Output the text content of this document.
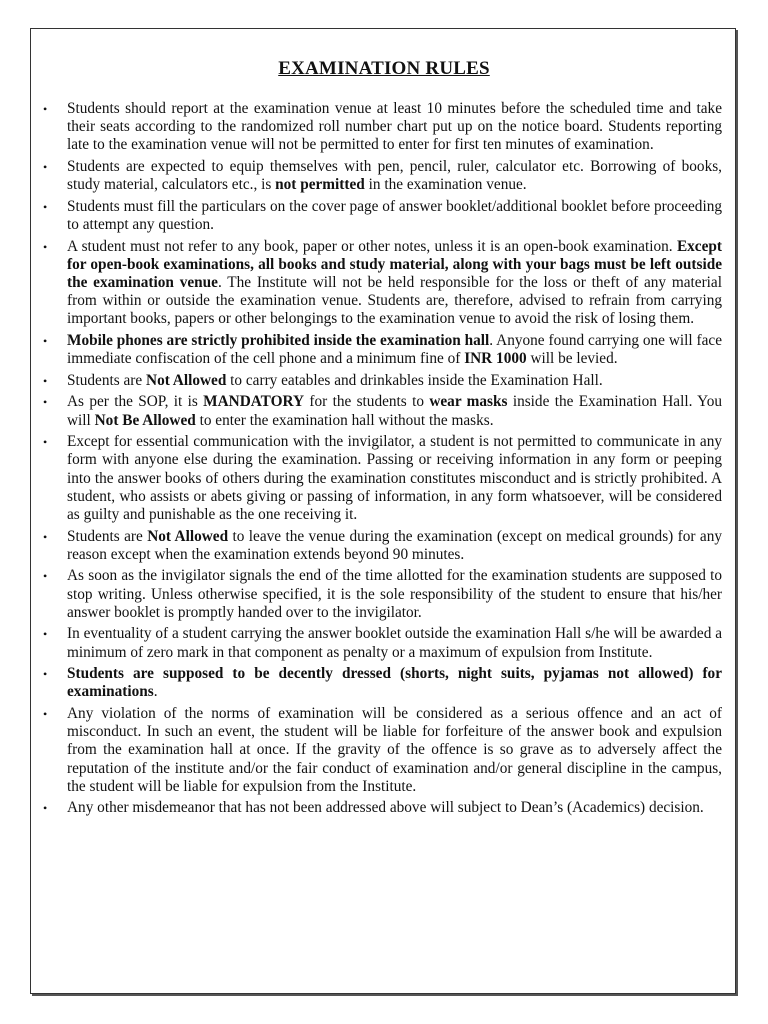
EXAMINATION RULES
• Students should report at the examination venue at least 10 minutes before the scheduled time and take their seats according to the randomized roll number chart put up on the notice board. Students reporting late to the examination venue will not be permitted to enter for first ten minutes of examination.
• Students are expected to equip themselves with pen, pencil, ruler, calculator etc. Borrowing of books, study material, calculators etc., is not permitted in the examination venue.
• Students must fill the particulars on the cover page of answer booklet/additional booklet before proceeding to attempt any question.
• A student must not refer to any book, paper or other notes, unless it is an open-book examination. Except for open-book examinations, all books and study material, along with your bags must be left outside the examination venue. The Institute will not be held responsible for the loss or theft of any material from within or outside the examination venue. Students are, therefore, advised to refrain from carrying important books, papers or other belongings to the examination venue to avoid the risk of losing them.
• Mobile phones are strictly prohibited inside the examination hall. Anyone found carrying one will face immediate confiscation of the cell phone and a minimum fine of INR 1000 will be levied.
• Students are Not Allowed to carry eatables and drinkables inside the Examination Hall.
• As per the SOP, it is MANDATORY for the students to wear masks inside the Examination Hall. You will Not Be Allowed to enter the examination hall without the masks.
• Except for essential communication with the invigilator, a student is not permitted to communicate in any form with anyone else during the examination. Passing or receiving information in any form or peeping into the answer books of others during the examination constitutes misconduct and is strictly prohibited. A student, who assists or abets giving or passing of information, in any form whatsoever, will be considered as guilty and punishable as the one receiving it.
• Students are Not Allowed to leave the venue during the examination (except on medical grounds) for any reason except when the examination extends beyond 90 minutes.
• As soon as the invigilator signals the end of the time allotted for the examination students are supposed to stop writing. Unless otherwise specified, it is the sole responsibility of the student to ensure that his/her answer booklet is promptly handed over to the invigilator.
• In eventuality of a student carrying the answer booklet outside the examination Hall s/he will be awarded a minimum of zero mark in that component as penalty or a maximum of expulsion from Institute.
• Students are supposed to be decently dressed (shorts, night suits, pyjamas not allowed) for examinations.
• Any violation of the norms of examination will be considered as a serious offence and an act of misconduct. In such an event, the student will be liable for forfeiture of the answer book and expulsion from the examination hall at once. If the gravity of the offence is so grave as to adversely affect the reputation of the institute and/or the fair conduct of examination and/or general discipline in the campus, the student will be liable for expulsion from the Institute.
• Any other misdemeanor that has not been addressed above will subject to Dean’s (Academics) decision.
